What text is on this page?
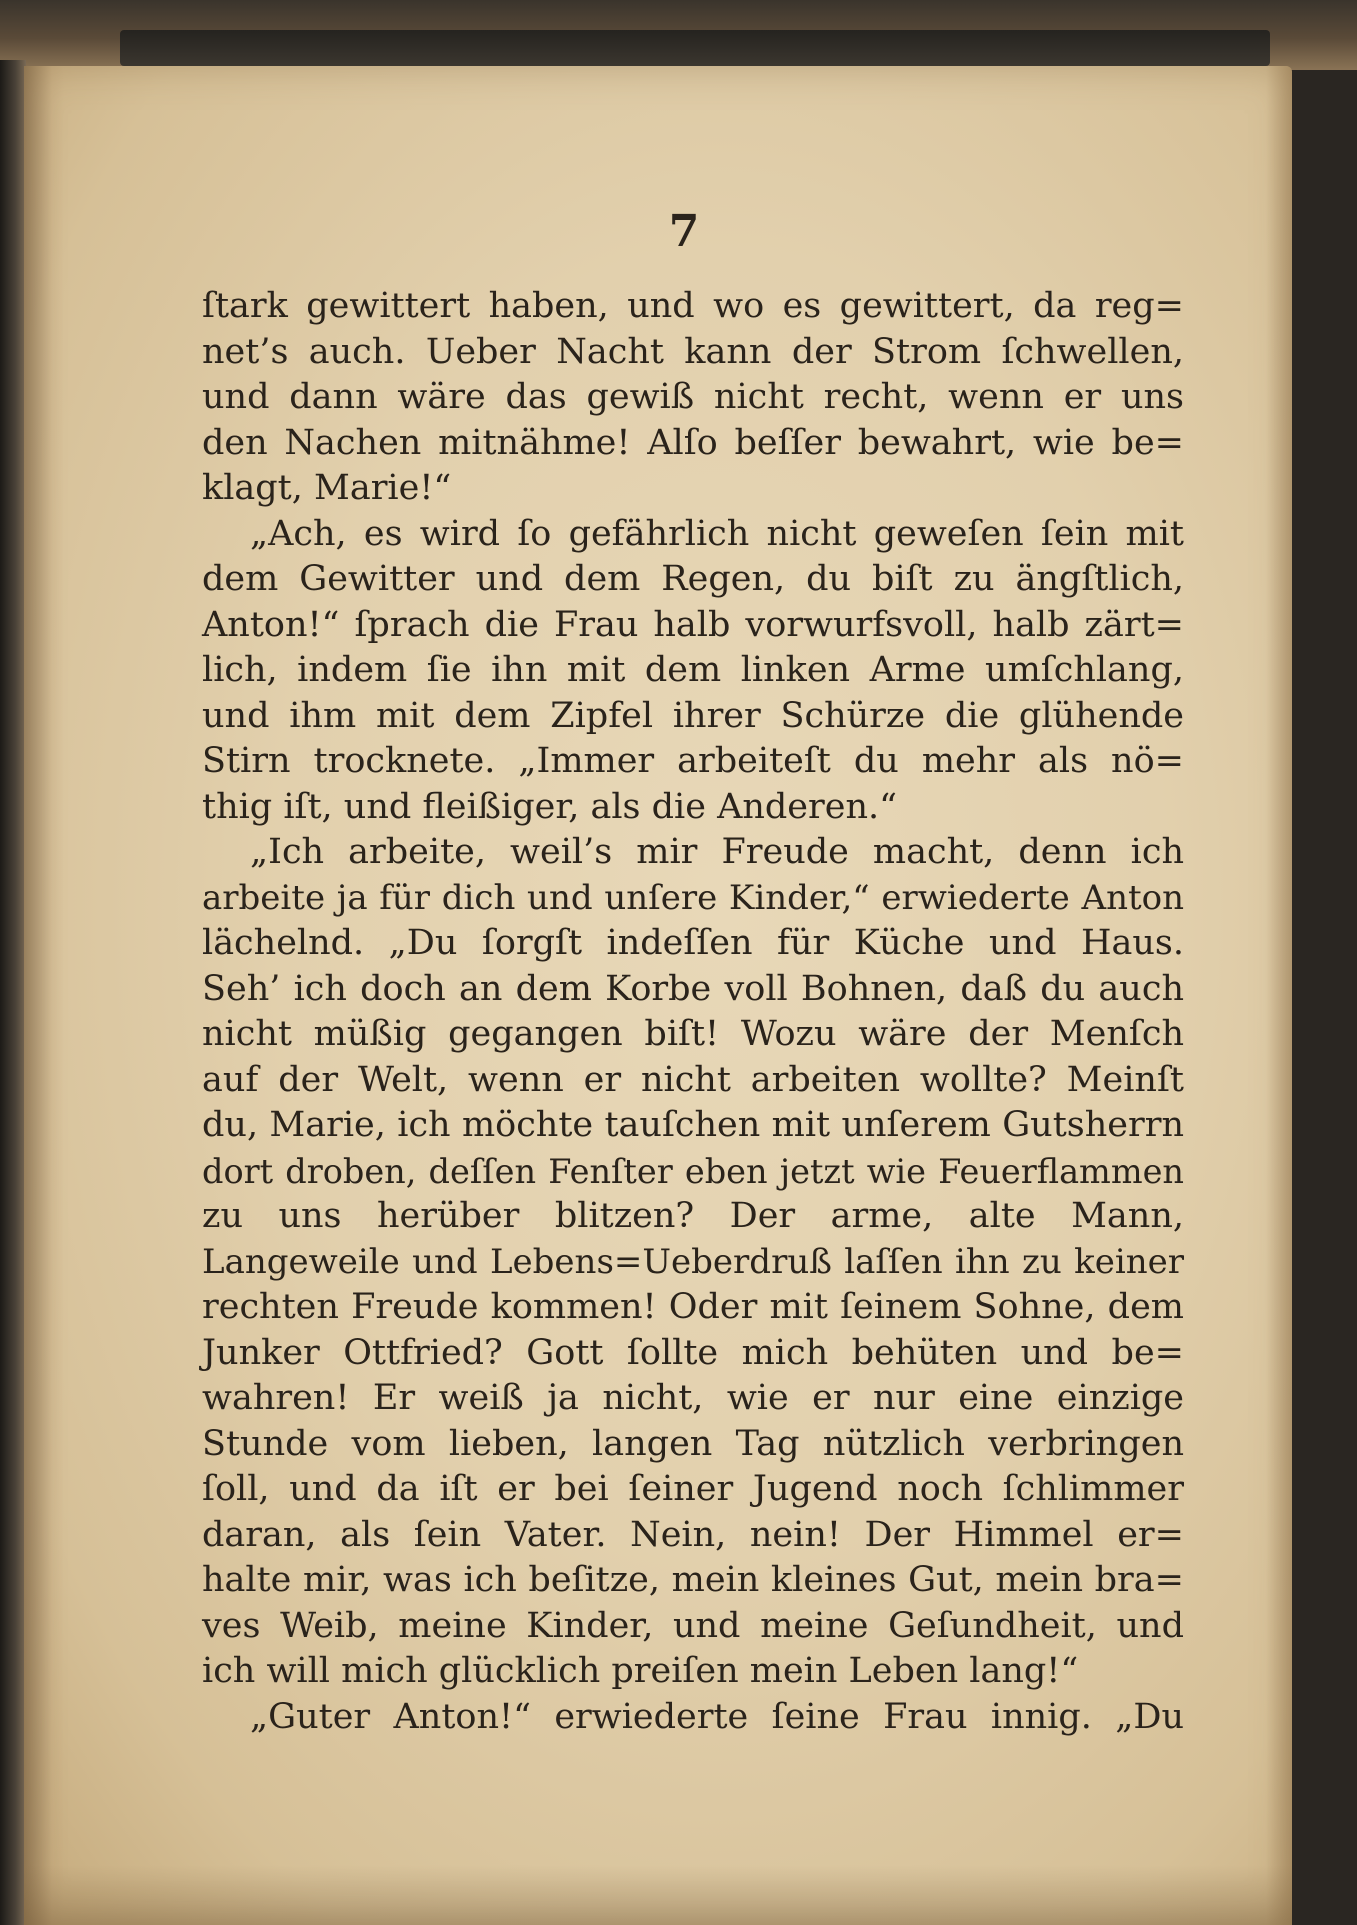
7
ſtark gewittert haben, und wo es gewittert, da reg=
net’s auch. Ueber Nacht kann der Strom ſchwellen,
und dann wäre das gewiß nicht recht, wenn er uns
den Nachen mitnähme! Alſo beſſer bewahrt, wie be=
klagt, Marie!“
„Ach, es wird ſo gefährlich nicht geweſen ſein mit
dem Gewitter und dem Regen, du biſt zu ängſtlich,
Anton!“ ſprach die Frau halb vorwurfsvoll, halb zärt=
lich, indem ſie ihn mit dem linken Arme umſchlang,
und ihm mit dem Zipfel ihrer Schürze die glühende
Stirn trocknete. „Immer arbeiteſt du mehr als nö=
thig iſt, und fleißiger, als die Anderen.“
„Ich arbeite, weil’s mir Freude macht, denn ich
arbeite ja für dich und unſere Kinder,“ erwiederte Anton
lächelnd. „Du ſorgſt indeſſen für Küche und Haus.
Seh’ ich doch an dem Korbe voll Bohnen, daß du auch
nicht müßig gegangen biſt! Wozu wäre der Menſch
auf der Welt, wenn er nicht arbeiten wollte? Meinſt
du, Marie, ich möchte tauſchen mit unſerem Gutsherrn
dort droben, deſſen Fenſter eben jetzt wie Feuerflammen
zu uns herüber blitzen? Der arme, alte Mann,
Langeweile und Lebens=Ueberdruß laſſen ihn zu keiner
rechten Freude kommen! Oder mit ſeinem Sohne, dem
Junker Ottfried? Gott ſollte mich behüten und be=
wahren! Er weiß ja nicht, wie er nur eine einzige
Stunde vom lieben, langen Tag nützlich verbringen
ſoll, und da iſt er bei ſeiner Jugend noch ſchlimmer
daran, als ſein Vater. Nein, nein! Der Himmel er=
halte mir, was ich beſitze, mein kleines Gut, mein bra=
ves Weib, meine Kinder, und meine Geſundheit, und
ich will mich glücklich preiſen mein Leben lang!“
„Guter Anton!“ erwiederte ſeine Frau innig. „Du
